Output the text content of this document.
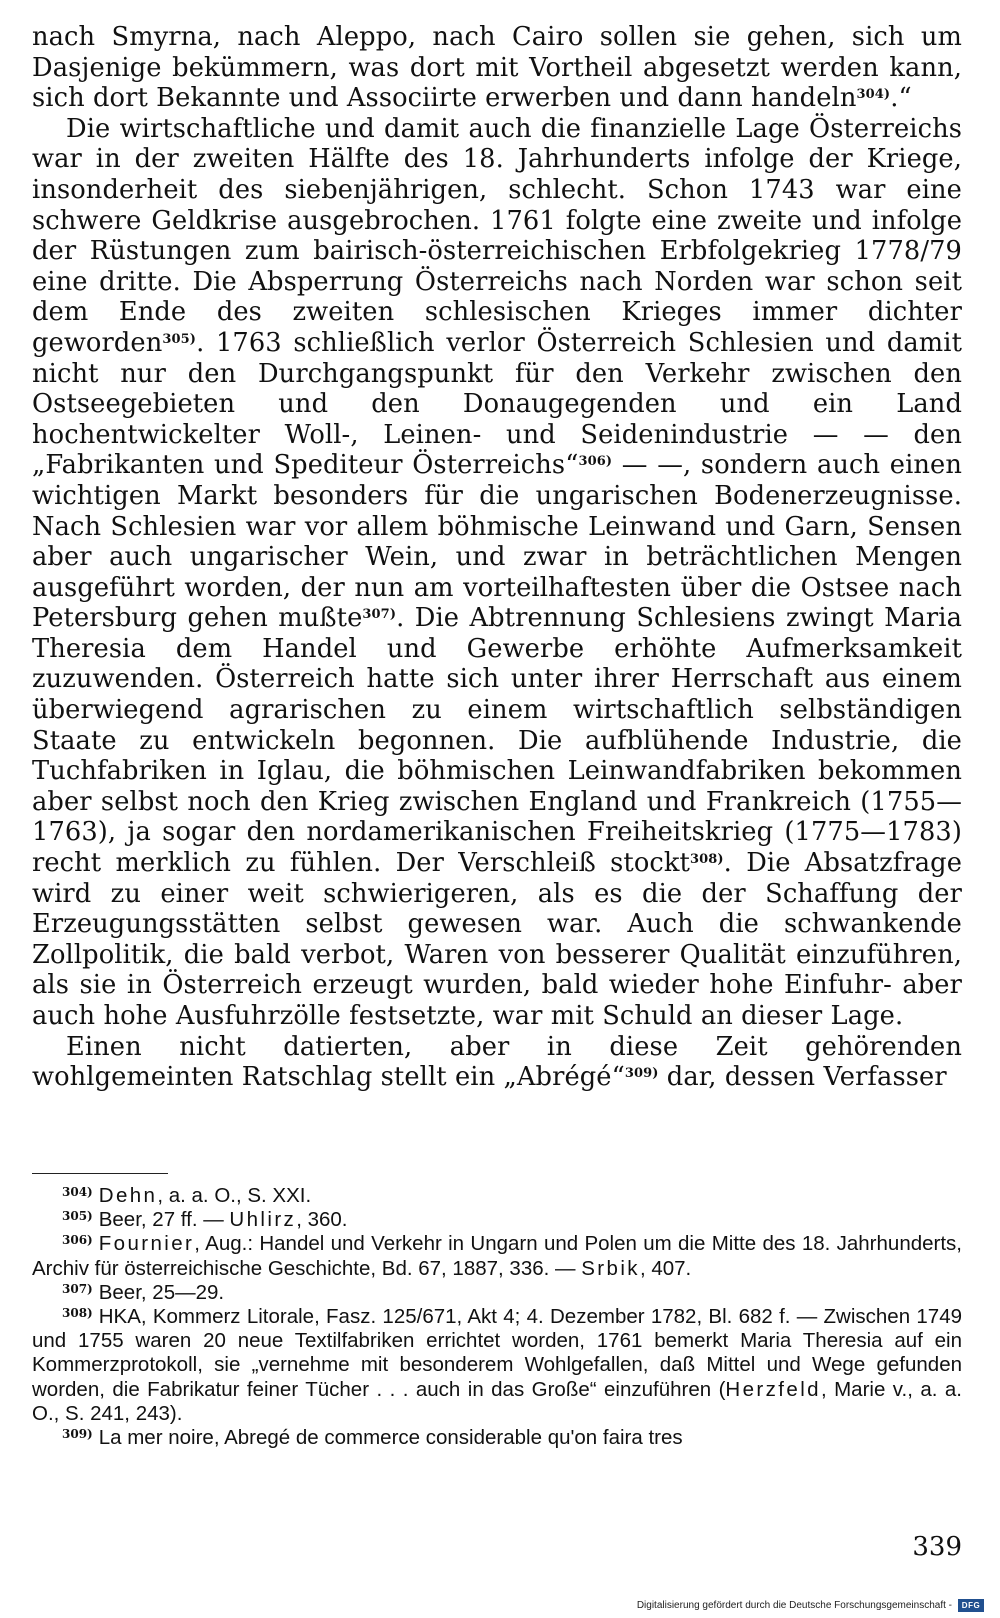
nach Smyrna, nach Aleppo, nach Cairo sollen sie gehen, sich um Dasjenige bekümmern, was dort mit Vortheil abgesetzt werden kann, sich dort Bekannte und Associirte erwerben und dann handeln$^{304)}$.“

Die wirtschaftliche und damit auch die finanzielle Lage Österreichs war in der zweiten Hälfte des 18. Jahrhunderts infolge der Kriege, insonderheit des siebenjährigen, schlecht. Schon 1743 war eine schwere Geldkrise ausgebrochen. 1761 folgte eine zweite und infolge der Rüstungen zum bairisch-österreichischen Erbfolgekrieg 1778/79 eine dritte. Die Absperrung Österreichs nach Norden war schon seit dem Ende des zweiten schlesischen Krieges immer dichter geworden$^{305)}$. 1763 schließlich verlor Österreich Schlesien und damit nicht nur den Durchgangspunkt für den Verkehr zwischen den Ostseegebieten und den Donaugegenden und ein Land hochentwickelter Woll-, Leinen- und Seidenindustrie — — den „Fabrikanten und Spediteur Österreichs“$^{306)}$ — —, sondern auch einen wichtigen Markt besonders für die ungarischen Bodenerzeugnisse. Nach Schlesien war vor allem böhmische Leinwand und Garn, Sensen aber auch ungarischer Wein, und zwar in beträchtlichen Mengen ausgeführt worden, der nun am vorteilhaftesten über die Ostsee nach Petersburg gehen mußte$^{307)}$. Die Abtrennung Schlesiens zwingt Maria Theresia dem Handel und Gewerbe erhöhte Aufmerksamkeit zuzuwenden. Österreich hatte sich unter ihrer Herrschaft aus einem überwiegend agrarischen zu einem wirtschaftlich selbständigen Staate zu entwickeln begonnen. Die aufblühende Industrie, die Tuchfabriken in Iglau, die böhmischen Leinwandfabriken bekommen aber selbst noch den Krieg zwischen England und Frankreich (1755—1763), ja sogar den nordamerikanischen Freiheitskrieg (1775—1783) recht merklich zu fühlen. Der Verschleiß stockt$^{308)}$. Die Absatzfrage wird zu einer weit schwierigeren, als es die der Schaffung der Erzeugungsstätten selbst gewesen war. Auch die schwankende Zollpolitik, die bald verbot, Waren von besserer Qualität einzuführen, als sie in Österreich erzeugt wurden, bald wieder hohe Einfuhr- aber auch hohe Ausfuhrzölle festsetzte, war mit Schuld an dieser Lage.

Einen nicht datierten, aber in diese Zeit gehörenden wohlgemeinten Ratschlag stellt ein „Abrégé“$^{309)}$ dar, dessen Verfasser

$^{304)}$ Dehn, a. a. O., S. XXI.

$^{305)}$ Beer, 27 ff. — Uhlirz, 360.

$^{306)}$ Fournier, Aug.: Handel und Verkehr in Ungarn und Polen um die Mitte des 18. Jahrhunderts, Archiv für österreichische Geschichte, Bd. 67, 1887, 336. — Srbik, 407.

$^{307)}$ Beer, 25—29.

$^{308)}$ HKA, Kommerz Litorale, Fasz. 125/671, Akt 4; 4. Dezember 1782, Bl. 682 f. — Zwischen 1749 und 1755 waren 20 neue Textilfabriken errichtet worden, 1761 bemerkt Maria Theresia auf ein Kommerzprotokoll, sie „vernehme mit besonderem Wohlgefallen, daß Mittel und Wege gefunden worden, die Fabrikatur feiner Tücher . . . auch in das Große“ einzuführen (Herzfeld, Marie v., a. a. O., S. 241, 243).

$^{309)}$ La mer noire, Abregé de commerce considerable qu'on faira tres

339
Digitalisierung gefördert durch die Deutsche Forschungsgemeinschaft -	DFG
